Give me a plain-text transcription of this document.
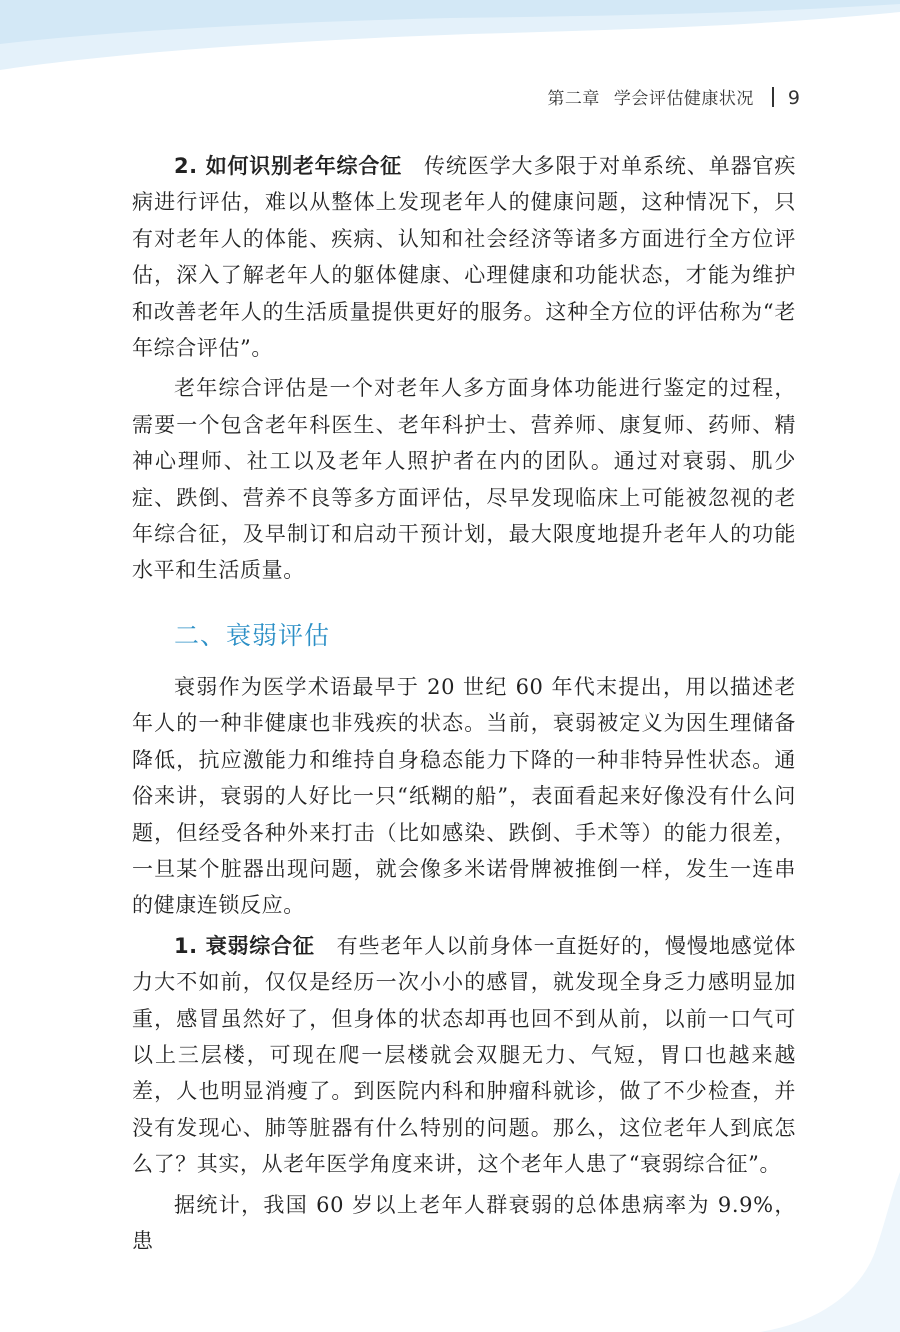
第二章 学会评估健康状况 9

2. 如何识别老年综合征 传统医学大多限于对单系统、单器官疾病进行评估，难以从整体上发现老年人的健康问题，这种情况下，只有对老年人的体能、疾病、认知和社会经济等诸多方面进行全方位评估，深入了解老年人的躯体健康、心理健康和功能状态，才能为维护和改善老年人的生活质量提供更好的服务。这种全方位的评估称为“老年综合评估”。

老年综合评估是一个对老年人多方面身体功能进行鉴定的过程，需要一个包含老年科医生、老年科护士、营养师、康复师、药师、精神心理师、社工以及老年人照护者在内的团队。通过对衰弱、肌少症、跌倒、营养不良等多方面评估，尽早发现临床上可能被忽视的老年综合征，及早制订和启动干预计划，最大限度地提升老年人的功能水平和生活质量。

二、衰弱评估

衰弱作为医学术语最早于 20 世纪 60 年代末提出，用以描述老年人的一种非健康也非残疾的状态。当前，衰弱被定义为因生理储备降低，抗应激能力和维持自身稳态能力下降的一种非特异性状态。通俗来讲，衰弱的人好比一只“纸糊的船”，表面看起来好像没有什么问题，但经受各种外来打击（比如感染、跌倒、手术等）的能力很差，一旦某个脏器出现问题，就会像多米诺骨牌被推倒一样，发生一连串的健康连锁反应。

1. 衰弱综合征 有些老年人以前身体一直挺好的，慢慢地感觉体力大不如前，仅仅是经历一次小小的感冒，就发现全身乏力感明显加重，感冒虽然好了，但身体的状态却再也回不到从前，以前一口气可以上三层楼，可现在爬一层楼就会双腿无力、气短，胃口也越来越差，人也明显消瘦了。到医院内科和肿瘤科就诊，做了不少检查，并没有发现心、肺等脏器有什么特别的问题。那么，这位老年人到底怎么了？其实，从老年医学角度来讲，这个老年人患了“衰弱综合征”。

据统计，我国 60 岁以上老年人群衰弱的总体患病率为 9.9%，患
